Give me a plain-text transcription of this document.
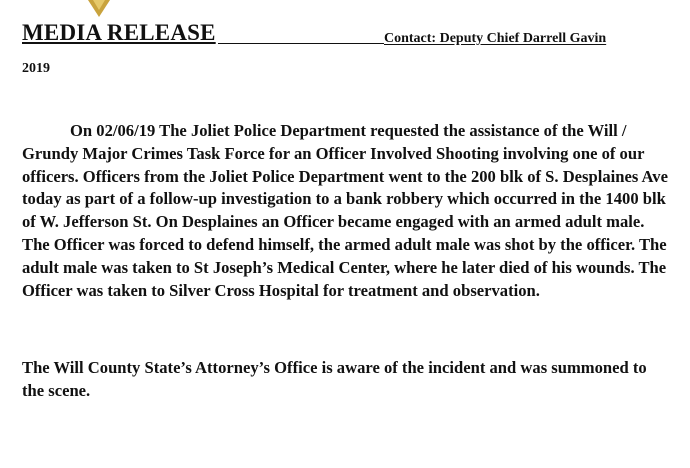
MEDIA RELEASE	Contact: Deputy Chief Darrell Gavin
2019

On 02/06/19 The Joliet Police Department requested the assistance of the Will / Grundy Major Crimes Task Force for an Officer Involved Shooting involving one of our officers. Officers from the Joliet Police Department went to the 200 blk of S. Desplaines Ave today as part of a follow-up investigation to a bank robbery which occurred in the 1400 blk of W. Jefferson St. On Desplaines an Officer became engaged with an armed adult male. The Officer was forced to defend himself, the armed adult male was shot by the officer. The adult male was taken to St Joseph’s Medical Center, where he later died of his wounds. The Officer was taken to Silver Cross Hospital for treatment and observation.

The Will County State’s Attorney’s Office is aware of the incident and was summoned to the scene.
